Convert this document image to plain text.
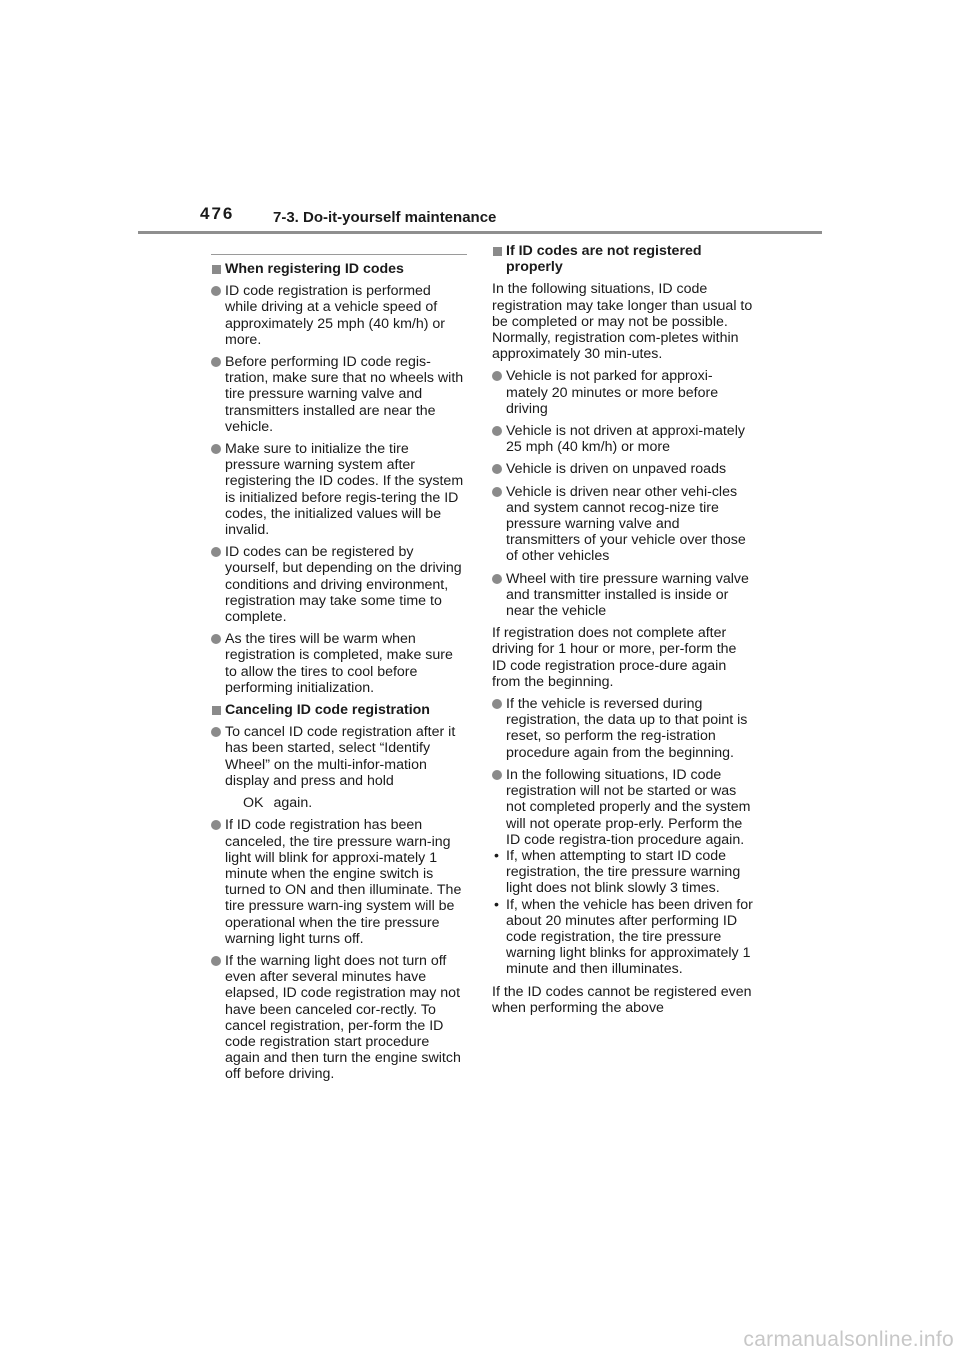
476	7-3. Do-it-yourself maintenance
When registering ID codes
ID code registration is performed while driving at a vehicle speed of approximately 25 mph (40 km/h) or more.
Before performing ID code regis-tration, make sure that no wheels with tire pressure warning valve and transmitters installed are near the vehicle.
Make sure to initialize the tire pressure warning system after registering the ID codes. If the system is initialized before regis-tering the ID codes, the initialized values will be invalid.
ID codes can be registered by yourself, but depending on the driving conditions and driving environment, registration may take some time to complete.
As the tires will be warm when registration is completed, make sure to allow the tires to cool before performing initialization.
Canceling ID code registration
To cancel ID code registration after it has been started, select “Identify Wheel” on the multi-infor-mation display and press and hold
OK again.
If ID code registration has been canceled, the tire pressure warn-ing light will blink for approxi-mately 1 minute when the engine switch is turned to ON and then illuminate. The tire pressure warn-ing system will be operational when the tire pressure warning light turns off.
If the warning light does not turn off even after several minutes have elapsed, ID code registration may not have been canceled cor-rectly. To cancel registration, per-form the ID code registration start procedure again and then turn the engine switch off before driving.
If ID codes are not registered properly
In the following situations, ID code registration may take longer than usual to be completed or may not be possible. Normally, registration com-pletes within approximately 30 min-utes.
Vehicle is not parked for approxi-mately 20 minutes or more before driving
Vehicle is not driven at approxi-mately 25 mph (40 km/h) or more
Vehicle is driven on unpaved roads
Vehicle is driven near other vehi-cles and system cannot recog-nize tire pressure warning valve and transmitters of your vehicle over those of other vehicles
Wheel with tire pressure warning valve and transmitter installed is inside or near the vehicle
If registration does not complete after driving for 1 hour or more, per-form the ID code registration proce-dure again from the beginning.
If the vehicle is reversed during registration, the data up to that point is reset, so perform the reg-istration procedure again from the beginning.
In the following situations, ID code registration will not be started or was not completed properly and the system will not operate prop-erly. Perform the ID code registra-tion procedure again.
• If, when attempting to start ID code registration, the tire pressure warning light does not blink slowly 3 times.
• If, when the vehicle has been driven for about 20 minutes after performing ID code registration, the tire pressure warning light blinks for approximately 1 minute and then illuminates.
If the ID codes cannot be registered even when performing the above
carmanualsonline.info
